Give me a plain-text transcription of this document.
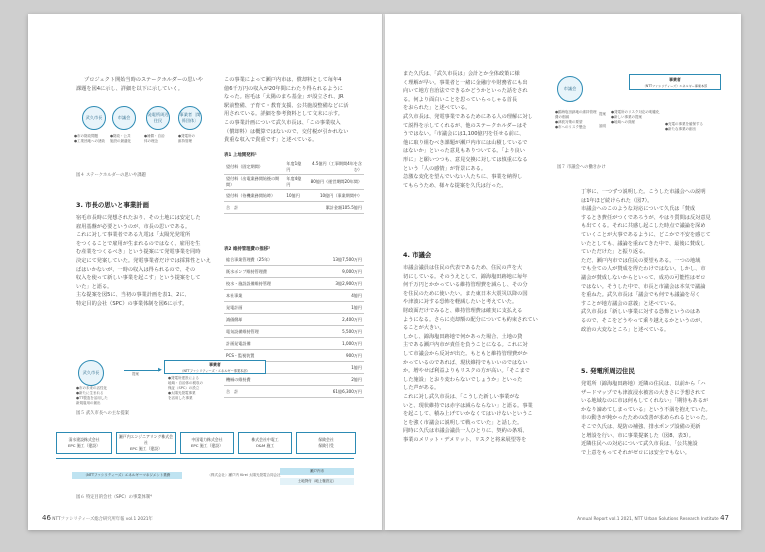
プロジェクト開始当時のステークホルダーの思いや

課題を図4に示し、詳細を以下に示していく。

武久市長	市議会
発電所周辺住民
事業者〔関係団体〕
●市の財政問題
●工業団地への誘致
●財政・公共
施設の最適化
●補償・自治
体の理念
●発電所の
維持管理

図４ ステークホルダーの思いや課題

3. 市長の思いと事業計画

宿毛市長時に発想されたおり、その土地には安定した

雇用基盤が必要というのが、市長の思いである。

これに対して事業者である九電は「太陽光発電所

をつくることで雇用が生まれるのではなく、雇用を生

む産業をつくるべき」という提案にて発電事業を同時

決定にて発案していた。発電事業者だけでは採算性といえ

ばはいかないが、一時の収入は得られるので、その

収入を使って新しい事業を起こす」という提案をして

いた」と語る。

主な提案を図5に、当初の事業計画を表1、2に、

特定目的会社（SPC）の事業体制を図6に示す。

この事業によって瀬戸内市は、償却料として毎年4

億6千万円の収入が20年間にわたり得られるように

なった。宿毛は「太陽のまち基金」が設立され、JR

駅前整備、子育て・教育支援、公共施設整備などに活

用されている。詳細を参考資料として文末に示す。

この事業計画について武久市長は、「この事業収入

（償却料）は概算ではないので、交付税が引かれない

貴重な収入で貴重です」と述べている。

表1 上地開発料¹

望付料（固定期間）	年度1億円	4.5億円（工事期間4年を含む）
望付料（出電業務開始後の期間）	年度4億円	80億円（運営期間20年間）
望付料（待機業務開始時）	10億円	10億円（事業期間中）
合　計		累計金額105.5億円

表2 維持管理費の推移²

総合事業管理費（25年）	13億7,500万円
既水ポンプ維持管理費	9,000万円
校水・施設設備維持管理	3億2,900万円
本社事業	4億円
発電計画	1億円
減価償却	2,400万円
電気設備維持管理	5,500万円
計画発電設備	1,000万円
PCS・監視装置	900万円
	1億円
機械の維持費	2億円
合　計	61億6,300万円
武久市長
●市の未来の活性化
●新たに生まれる
●TT製造を活用した
新規雇用の創出
▶
提案
事業者
（NTTファシリティーズ・エネルギー事業本部）
●発電所建設による
地域・自治体の税収の
保証（SPC）の設立
●太陽光発電事業
を活用した事業

図５ 武久市長への主な提案

清水建設株式会社
EPC 施工（建設）
瀬戸内エンジニアリング株式会社
EPC 施工（建設）
中国電力株式会社
EPC 施工（建設）
株式会社中電工
O&M 施工
保険会社
保険引受
（NTTファシリティーズ）エネルギーマネジメント業務	（株式会社）瀬戸内 Kirei 太陽光発電合同会社
瀬戸内市
土地貸付（地上権設定）

図６ 特定目的会社（SPC）の事業体制⁴

46 NTTファシリティーズ総合研究所年報 vol.1 2021年

また久氏は、「武久市長は」会計とか全体政策に様

く理解が早い。事業者と一緒に金融庁や財務省にも出

向いて地方自治法でできるかどうかといった話をされ

る。何より面白いことを思っていらっしゃる首長

をおられた」と述べている。

武久市長は、発電事業であるためにある人の理解に対し

て説得を示してくれるが、他のステークホルダーはそ

うではない。「市議会には1,100億円を任せる前に、

他に取り組むべき課題が瀬戸内市には山積しているで

はないか」といった意見もありついてる。「より良い

形に」と願いつつも、意見交換に対しては慎重になる

という「人の感情」が背景にある。

急激な変化を望んでいない人たちに、事業を納得し

てもらうため、様々な提案を久氏は行った。

4. 市議会

市議会議員は住民の代表であるため、住民の声を大

切にしている。そのうえとして、錦海塩田跡地に毎年

何千万円とかかっている維持管理費を減らし、その分

を住民のために使いたい。また東日本大震災以降の国

や津波に対する恐怖を軽減したいと考えていた。

財政面だけでみると、維持管理費は確実に支払える

ようになる。さらに売却額の配分についても約束されてい

ることが大きい。

しかし、錦海塩田跡地で何かあった場合、土地の貸

主である瀬戸内市が責任を負うことになる。これに対

して市議会から反対が出た。もともと維持管理費がか

かっているのであれば、現状維持でもいいのではない

か。増やせば利益よりもリスクの方が高い。「そこまで

した施設」とおり変わらないでしょうか」といった

した声がある。

これに対し武久市長は、「こうした新しい事業がな

いと、現状維持では赤字は減らならない」と語る。事業

を起こして、積み上げていかなくてはいけないというこ

とを強く市議会に説明して戦っていた」と話した。

同時に久氏は市議会議員一人ひとりに、契約の条項、

事業のメリット・デメリット、リスクと将来展望等を

市議会
事業者
（NTTファシリティーズ）エネルギー事業本部
●錦海塩田跡地の維持管理費の削減
●津波対策の要望
●市へのリスク懸念
提案
説明
●発電所のリスク対応の明確化
●新しい事業の提案
●地域への貢献	●売電の事業を確保する
●新たな事業の創出

図７ 市議会への働きかけ

丁寧に、一つずつ説明した。こうした市議会への説明

は1年ほど続けられた（図7）。

市議会へのこのような対応について久氏は「賛成

するとき費任がつくであろうが、やはり質問は反対意見

も出てくる。それに共感し起こした時点で議論を深め

ていくことが大事であるように、どこかで不安を感じて

いたとしても、議論を重ねてきた中で、最後に賛成し

ていただけた」と振り返る。

ただ、瀬戸内市では住民の要望もある。一つの地域

でも全ての人が賛成を得たわけではない。しかし、市

議会が賛成しないからといって、成功の可能性はゼロ

ではない。そうした中で、市長と市議会は本気で議論

を重ねた。武久市長は「議会でも何でも議論を尽く

すことが地方議会の意義」と述べている。

武久市長は「新しい事業に対する恐怖というのはあ

るので、そこをどうやって乗り越えるかというのが、

政治の大変なところ」と述べている。

5. 発電所周辺住民

発電所（錦海塩田跡地）近隣の住民は、以前から「ハ

ザードマップでも津波浸水被害の大きさに予想されて

いる地域なのに市は何もしてくれない」「期待もあるが

かなり諦めてしまっている」という不満を抱えていた。

市の動きが鈍かったための改善が求められるといった。

そこで久氏は、堤防の補強、排水ポンプ設備の更新

と増設を行い、市に事業提案した（図8、表3）。

近隣住民への対応について武久市長は、「公共施設

で上意をもってそれがゼロには安全でもない。

Annual Report vol.1 2021, NTT Urban Solutions Research Institute 47
